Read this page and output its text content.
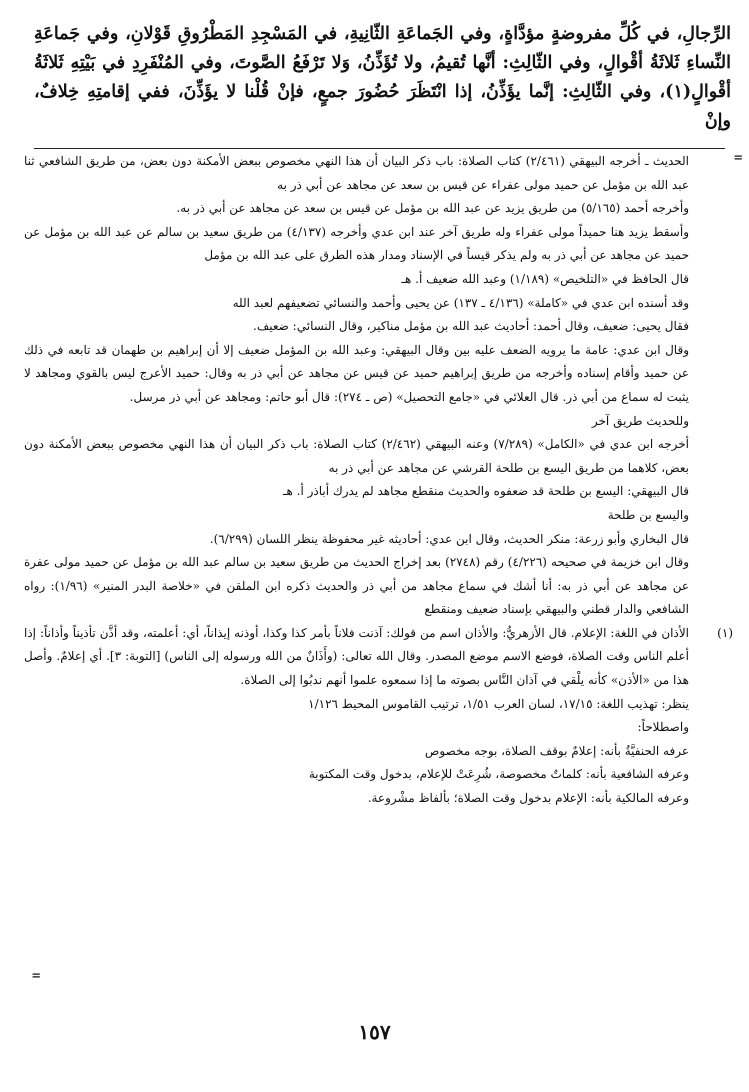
الرِّجالِ، في كُلِّ مفروضةٍ مؤدَّاةٍ، وفي الجَماعَةِ الثّانِيةِ، في المَسْجِدِ المَطْرُوقِ قَوْلانِ، وفي جَماعَةِ النِّساءِ ثَلاثَةُ أقْوالٍ، وفي الثّالِثِ: أنَّها تُقيمُ، ولا تُؤَذِّنُ، وَلا تَرْفَعُ الصَّوتَ، وفي المُنْفَرِدِ في بَيْتِهِ ثَلاثَةُ أقْوالٍ(١)، وفي الثّالِثِ: إنَّما يؤَذِّنُ، إذا انْتَظَرَ حُضُورَ جمعٍ، فإنْ قُلْنا لا يؤَذِّنَ، ففي إقامتِهِ خِلافٌ، وإنْ

=

الحديث ـ أخرجه البيهقي (٢/٤٦١) كتاب الصلاة: باب ذكر البيان أن هذا النهي مخصوص ببعض الأمكنة دون بعض، من طريق الشافعي ثنا عبد الله بن مؤمل عن حميد مولى عفراء عن قيس بن سعد عن مجاهد عن أبي ذر به

وأخرجه أحمد (٥/١٦٥) من طريق يزيد عن عبد الله بن مؤمل عن قيس بن سعد عن مجاهد عن أبي ذر به.

وأسقط يزيد هنا حميداً مولى عفراء وله طريق آخر عند ابن عدي وأخرجه (٤/١٣٧) من طريق سعيد بن سالم عن عبد الله بن مؤمل عن حميد عن مجاهد عن أبي ذر به ولم يذكر قيساً في الإسناد ومدار هذه الطرق على عبد الله بن مؤمل

قال الحافظ في «التلخيص» (١/١٨٩) وعبد الله ضعيف أ. هـ

وقد أسنده ابن عدي في «كاملة» (٤/١٣٦ ـ ١٣٧) عن يحيى وأحمد والنسائي تضعيفهم لعبد الله

فقال يحيى: ضعيف، وقال أحمد: أحاديث عبد الله بن مؤمل مناكير، وقال النسائي: ضعيف.

وقال ابن عدي: عامة ما يرويه الضعف عليه بين وقال البيهقي: وعبد الله بن المؤمل ضعيف إلا أن إبراهيم بن طهمان قد تابعه في ذلك عن حميد وأقام إسناده وأخرجه من طريق إبراهيم حميد عن قيس عن مجاهد عن أبي ذر به وقال: حميد الأعرج ليس بالقوي ومجاهد لا يثبت له سماع من أبي ذر. قال العلائي في «جامع التحصيل» (ص ـ ٢٧٤): قال أبو حاتم: ومجاهد عن أبي ذر مرسل.

وللحديث طريق آخر

أخرجه ابن عدي في «الكامل» (٧/٢٨٩) وعنه البيهقي (٢/٤٦٢) كتاب الصلاة: باب ذكر البيان أن هذا النهي مخصوص ببعض الأمكنة دون بعض، كلاهما من طريق اليسع بن طلحة القرشي عن مجاهد عن أبي ذر به

قال البيهقي: اليسع بن طلحة قد ضعفوه والحديث منقطع مجاهد لم يدرك أباذر أ. هـ

واليسع بن طلحة

قال البخاري وأبو زرعة: منكر الحديث، وقال ابن عدي: أحاديثه غير محفوظة ينظر اللسان (٦/٢٩٩).

وقال ابن خزيمة في صحيحه (٤/٢٢٦) رقم (٢٧٤٨) بعد إخراج الحديث من طريق سعيد بن سالم عبد الله بن مؤمل عن حميد مولى عفرة عن مجاهد عن أبي ذر به: أنا أشك في سماع مجاهد من أبي ذر والحديث ذكره ابن الملقن في «خلاصة البدر المنير» (١/٩٦): رواه الشافعي والدار قطني والبيهقي بإسناد ضعيف ومنقطع

(١)

الأذان في اللغة: الإعلام. قال الأزهريُّ: والأذان اسم من قولك: آذنت فلاناً بأمر كذا وكذا، أوذنه إيذاناً، أي: أعلمته، وقد أذَّن تأذيناً وأذاناً: إذا أعلم الناس وقت الصلاة، فوضع الاسم موضع المصدر. وقال الله تعالى: (وأَذَانٌ من الله ورسوله إلى الناس) [التوبة: ٣]. أي إعلامٌ. وأصل هذا من «الأذن» كأنه يلْقي في آذان النَّاس بصوته ما إذا سمعوه علموا أنهم ندبُوا إلى الصلاة.

ينظر: تهذيب اللغة: ١٧/١٥، لسان العرب ١/٥١، ترتيب القاموس المحيط ١/١٢٦

واصطلاحاً:

عرفه الحنفيَّةُ بأنه: إعلامٌ بوقف الصلاة، بوجه مخصوص

وعرفه الشافعية بأنه: كلماتٌ مخصوصة، شُرِعَتْ للإعلام، بدخول وقت المكتوبة

وعرفه المالكية بأنه: الإعلام بدخول وقت الصلاة؛ بألفاظ مشْروعة.

=
١٥٧
